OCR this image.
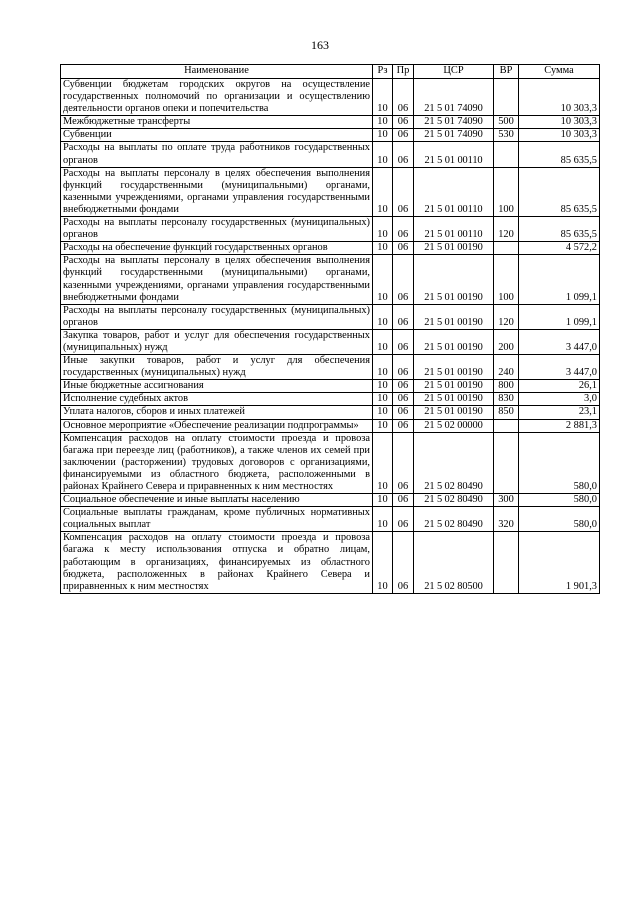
163
Наименование	Рз	Пр	ЦСР	ВР	Сумма
Субвенции бюджетам городских округов на осуществление государственных полномочий по организации и осуществлению деятельности органов опеки и попечительства	10	06	21 5 01 74090		10 303,3
Межбюджетные трансферты	10	06	21 5 01 74090	500	10 303,3
Субвенции	10	06	21 5 01 74090	530	10 303,3
Расходы на выплаты по оплате труда работников государственных органов	10	06	21 5 01 00110		85 635,5
Расходы на выплаты персоналу в целях обеспечения выполнения функций государственными (муниципальными) органами, казенными учреждениями, органами управления государственными внебюджетными фондами	10	06	21 5 01 00110	100	85 635,5
Расходы на выплаты персоналу государственных (муниципальных) органов	10	06	21 5 01 00110	120	85 635,5
Расходы на обеспечение функций государственных органов	10	06	21 5 01 00190		4 572,2
Расходы на выплаты персоналу в целях обеспечения выполнения функций государственными (муниципальными) органами, казенными учреждениями, органами управления государственными внебюджетными фондами	10	06	21 5 01 00190	100	1 099,1
Расходы на выплаты персоналу государственных (муниципальных) органов	10	06	21 5 01 00190	120	1 099,1
Закупка товаров, работ и услуг для обеспечения государственных (муниципальных) нужд	10	06	21 5 01 00190	200	3 447,0
Иные закупки товаров, работ и услуг для обеспечения государственных (муниципальных) нужд	10	06	21 5 01 00190	240	3 447,0
Иные бюджетные ассигнования	10	06	21 5 01 00190	800	26,1
Исполнение судебных актов	10	06	21 5 01 00190	830	3,0
Уплата налогов, сборов и иных платежей	10	06	21 5 01 00190	850	23,1
Основное мероприятие «Обеспечение реализации подпрограммы»	10	06	21 5 02 00000		2 881,3
Компенсация расходов на оплату стоимости проезда и провоза багажа при переезде лиц (работников), а также членов их семей при заключении (расторжении) трудовых договоров с организациями, финансируемыми из областного бюджета, расположенными в районах Крайнего Севера и приравненных к ним местностях	10	06	21 5 02 80490		580,0
Социальное обеспечение и иные выплаты населению	10	06	21 5 02 80490	300	580,0
Социальные выплаты гражданам, кроме публичных нормативных социальных выплат	10	06	21 5 02 80490	320	580,0
Компенсация расходов на оплату стоимости проезда и провоза багажа к месту использования отпуска и обратно лицам, работающим в организациях, финансируемых из областного бюджета, расположенных в районах Крайнего Севера и приравненных к ним местностях	10	06	21 5 02 80500		1 901,3
